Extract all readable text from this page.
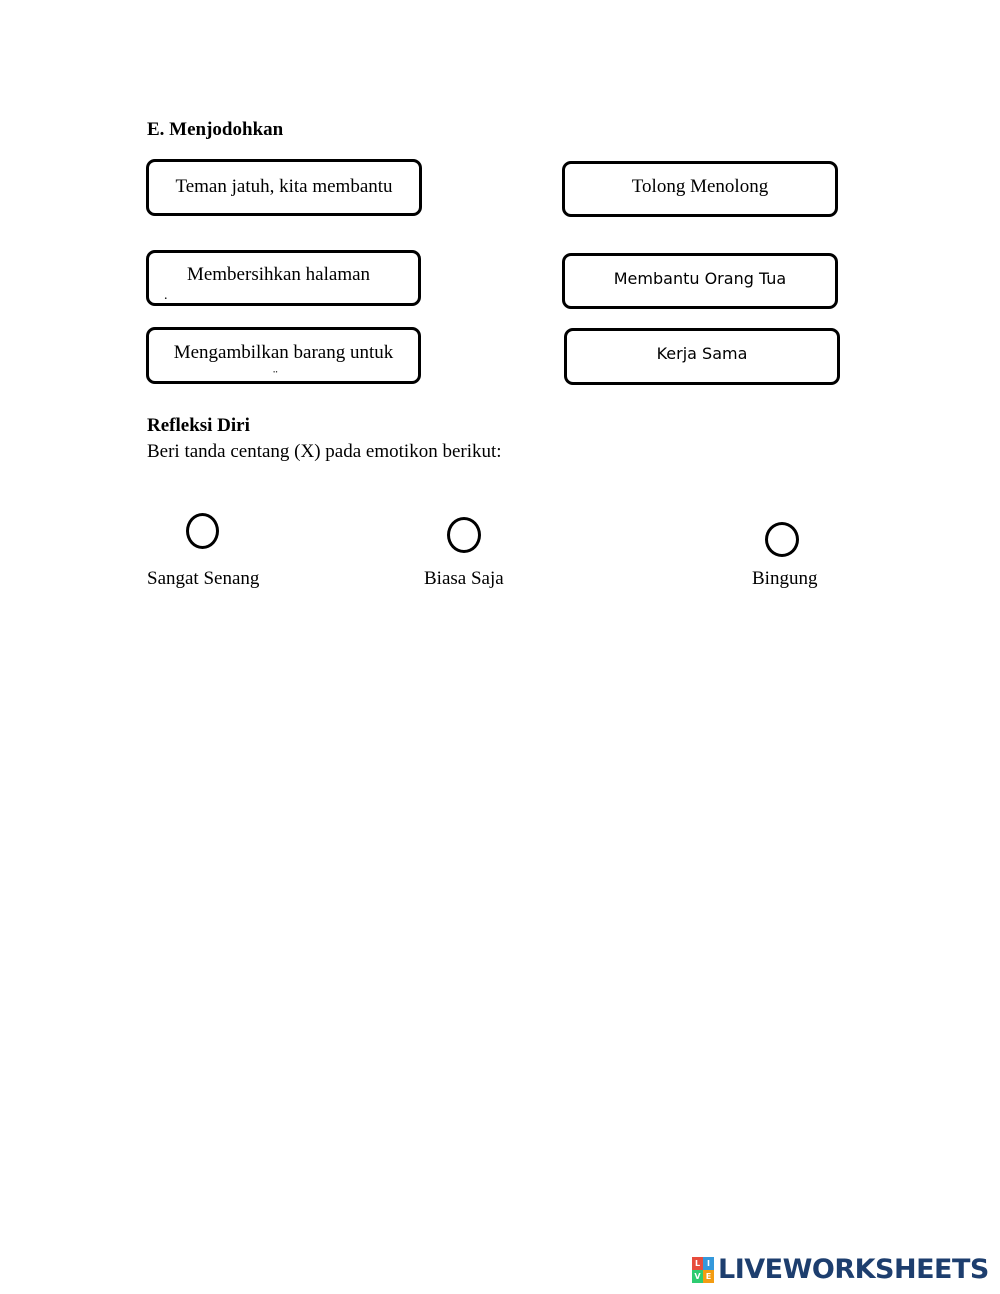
E. Menjodohkan
Teman jatuh, kita membantu
Membersihkan halaman
.
Mengambilkan barang untuk
¨
Tolong Menolong
Membantu Orang Tua
Kerja Sama
Refleksi Diri
Beri tanda centang (X) pada emotikon berikut:
Sangat Senang	Biasa Saja	Bingung
L I
V E LIVEWORKSHEETS
